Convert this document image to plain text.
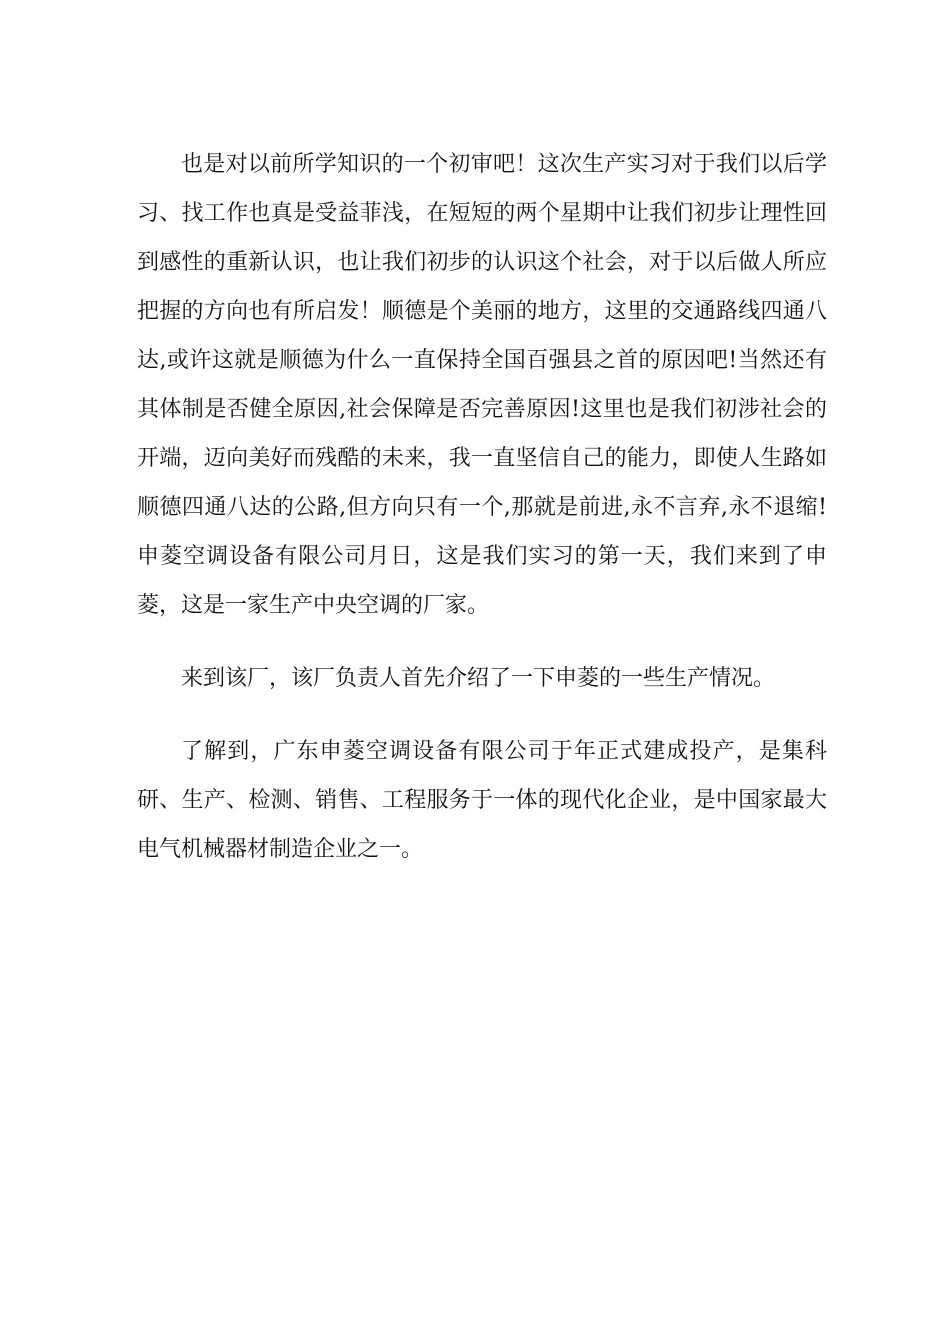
也是对以前所学知识的一个初审吧！这次生产实习对于我们以后学习、找工作也真是受益菲浅，在短短的两个星期中让我们初步让理性回到感性的重新认识，也让我们初步的认识这个社会，对于以后做人所应把握的方向也有所启发！顺德是个美丽的地方，这里的交通路线四通八达,或许这就是顺德为什么一直保持全国百强县之首的原因吧!当然还有其体制是否健全原因,社会保障是否完善原因!这里也是我们初涉社会的开端，迈向美好而残酷的未来，我一直坚信自己的能力，即使人生路如顺德四通八达的公路,但方向只有一个,那就是前进,永不言弃,永不退缩!申菱空调设备有限公司月日，这是我们实习的第一天，我们来到了申菱，这是一家生产中央空调的厂家。

来到该厂，该厂负责人首先介绍了一下申菱的一些生产情况。

了解到，广东申菱空调设备有限公司于年正式建成投产，是集科研、生产、检测、销售、工程服务于一体的现代化企业，是中国家最大电气机械器材制造企业之一。
